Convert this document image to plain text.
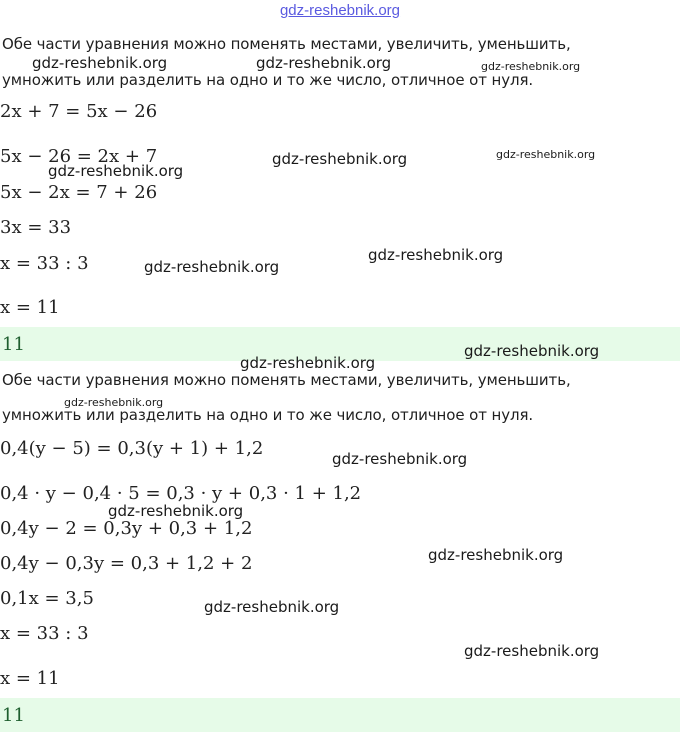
gdz-reshebnik.org
Обе части уравнения можно поменять местами, увеличить, уменьшить,
умножить или разделить на одно и то же число, отличное от нуля.
2x + 7 = 5x − 26
5x − 26 = 2x + 7
5x − 2x = 7 + 26
3x = 33
x = 33 : 3
x = 11
11
Обе части уравнения можно поменять местами, увеличить, уменьшить,
умножить или разделить на одно и то же число, отличное от нуля.
0,4(y − 5) = 0,3(y + 1) + 1,2
0,4 · y − 0,4 · 5 = 0,3 · y + 0,3 · 1 + 1,2
0,4y − 2 = 0,3y + 0,3 + 1,2
0,4y − 0,3y = 0,3 + 1,2 + 2
0,1x = 3,5
x = 33 : 3
x = 11
11
gdz-reshebnik.org	gdz-reshebnik.org	gdz-reshebnik.org
gdz-reshebnik.org	gdz-reshebnik.org
gdz-reshebnik.org
gdz-reshebnik.org
gdz-reshebnik.org
gdz-reshebnik.org
gdz-reshebnik.org
gdz-reshebnik.org
gdz-reshebnik.org
gdz-reshebnik.org
gdz-reshebnik.org
gdz-reshebnik.org
gdz-reshebnik.org
